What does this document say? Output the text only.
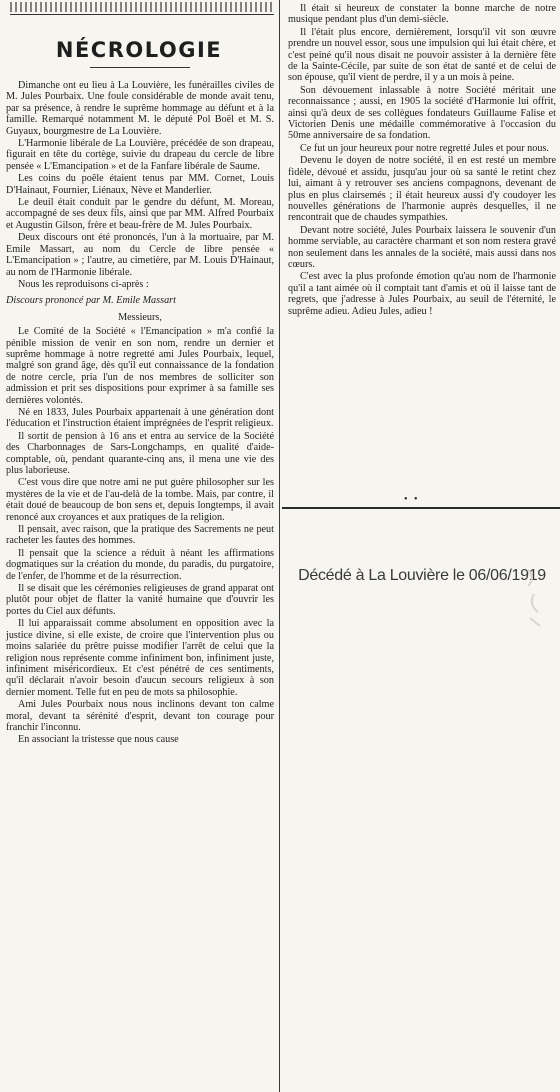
NÉCROLOGIE

Dimanche ont eu lieu à La Louvière, les funérailles civiles de M. Jules Pourbaix. Une foule considérable de monde avait tenu, par sa présence, à rendre le suprême hommage au défunt et à la famille. Remarqué notamment M. le député Pol Boël et M. S. Guyaux, bourgmestre de La Louvière.

L'Harmonie libérale de La Louvière, précédée de son drapeau, figurait en tête du cortège, suivie du drapeau du cercle de libre pensée « L'Emancipation » et de la Fanfare libérale de Saume.

Les coins du poêle étaient tenus par MM. Cornet, Louis D'Hainaut, Fournier, Liénaux, Nève et Manderlier.

Le deuil était conduit par le gendre du défunt, M. Moreau, accompagné de ses deux fils, ainsi que par MM. Alfred Pourbaix et Augustin Gilson, frère et beau-frère de M. Jules Pourbaix.

Deux discours ont été prononcés, l'un à la mortuaire, par M. Emile Massart, au nom du Cercle de libre pensée « L'Emancipation » ; l'autre, au cimetière, par M. Louis D'Hainaut, au nom de l'Harmonie libérale.

Nous les reproduisons ci-après :

Discours prononcé par M. Emile Massart

Messieurs,

Le Comité de la Société « l'Emancipation » m'a confié la pénible mission de venir en son nom, rendre un dernier et suprême hommage à notre regretté ami Jules Pourbaix, lequel, malgré son grand âge, dès qu'il eut connaissance de la fondation de notre cercle, pria l'un de nos membres de solliciter son admission et prit ses dispositions pour exprimer à sa famille ses dernières volontés.

Né en 1833, Jules Pourbaix appartenait à une génération dont l'éducation et l'instruction étaient imprégnées de l'esprit religieux.

Il sortit de pension à 16 ans et entra au service de la Société des Charbonnages de Sars-Longchamps, en qualité d'aide-comptable, où, pendant quarante-cinq ans, il mena une vie des plus laborieuse.

C'est vous dire que notre ami ne put guère philosopher sur les mystères de la vie et de l'au-delà de la tombe. Mais, par contre, il était doué de beaucoup de bon sens et, depuis longtemps, il avait renoncé aux croyances et aux pratiques de la religion.

Il pensait, avec raison, que la pratique des Sacrements ne peut racheter les fautes des hommes.

Il pensait que la science a réduit à néant les affirmations dogmatiques sur la création du monde, du paradis, du purgatoire, de l'enfer, de l'homme et de la résurrection.

Il se disait que les cérémonies religieuses de grand apparat ont plutôt pour objet de flatter la vanité humaine que d'ouvrir les portes du Ciel aux défunts.

Il lui apparaissait comme absolument en opposition avec la justice divine, si elle existe, de croire que l'intervention plus ou moins salariée du prêtre puisse modifier l'arrêt de celui que la religion nous représente comme infiniment bon, infiniment juste, infiniment miséricordieux. Et c'est pénétré de ces sentiments, qu'il déclarait n'avoir besoin d'aucun secours religieux à son dernier moment. Telle fut en peu de mots sa philosophie.

Ami Jules Pourbaix nous nous inclinons devant ton calme moral, devant ta sérénité d'esprit, devant ton courage pour franchir l'inconnu.

En associant la tristesse que nous cause

Il était si heureux de constater la bonne marche de notre musique pendant plus d'un demi-siècle.

Il l'était plus encore, dernièrement, lorsqu'il vit son œuvre prendre un nouvel essor, sous une impulsion qui lui était chère, et c'est peiné qu'il nous disait ne pouvoir assister à la dernière fête de la Sainte-Cécile, par suite de son état de santé et de celui de son épouse, qu'il vient de perdre, il y a un mois à peine.

Son dévouement inlassable à notre Société méritait une reconnaissance ; aussi, en 1905 la société d'Harmonie lui offrit, ainsi qu'à deux de ses collègues fondateurs Guillaume Falise et Victorien Denis une médaille commémorative à l'occasion du 50me anniversaire de sa fondation.

Ce fut un jour heureux pour notre regretté Jules et pour nous.

Devenu le doyen de notre société, il en est resté un membre fidèle, dévoué et assidu, jusqu'au jour où sa santé le retint chez lui, aimant à y retrouver ses anciens compagnons, devenant de plus en plus clairsemés ; il était heureux aussi d'y coudoyer les nouvelles générations de l'harmonie auprès desquelles, il ne rencontrait que de chaudes sympathies.

Devant notre société, Jules Pourbaix laissera le souvenir d'un homme serviable, au caractère charmant et son nom restera gravé non seulement dans les annales de la société, mais aussi dans nos cœurs.

C'est avec la plus profonde émotion qu'au nom de l'harmonie qu'il a tant aimée où il comptait tant d'amis et où il laisse tant de regrets, que j'adresse à Jules Pourbaix, au seuil de l'éternité, le suprême adieu. Adieu Jules, adieu !

• •
Décédé à La Louvière le 06/06/1919
